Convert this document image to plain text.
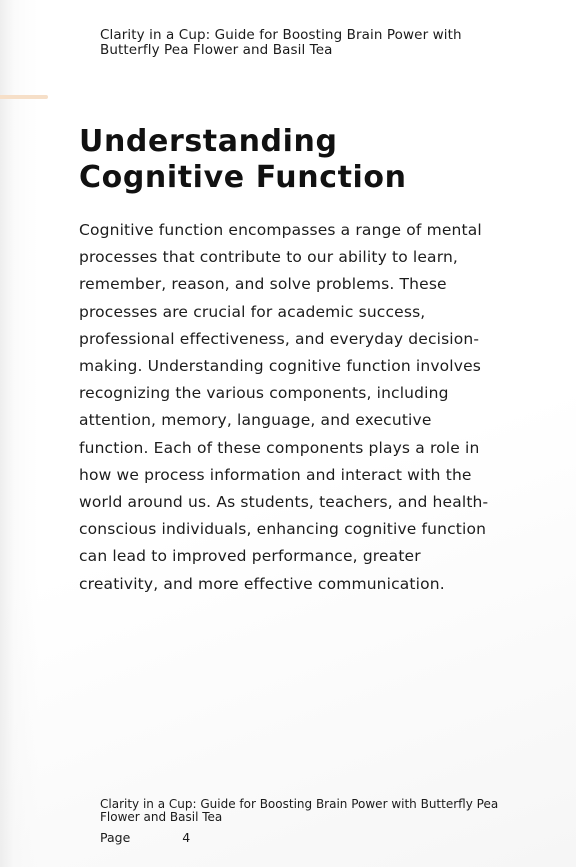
Clarity in a Cup: Guide for Boosting Brain Power with Butterfly Pea Flower and Basil Tea
Understanding Cognitive Function

Cognitive function encompasses a range of mental processes that contribute to our ability to learn, remember, reason, and solve problems. These processes are crucial for academic success, professional effectiveness, and everyday decision-making. Understanding cognitive function involves recognizing the various components, including attention, memory, language, and executive function. Each of these components plays a role in how we process information and interact with the world around us. As students, teachers, and health-conscious individuals, enhancing cognitive function can lead to improved performance, greater creativity, and more effective communication.

Clarity in a Cup: Guide for Boosting Brain Power with Butterfly Pea Flower and Basil Tea
Page	4
